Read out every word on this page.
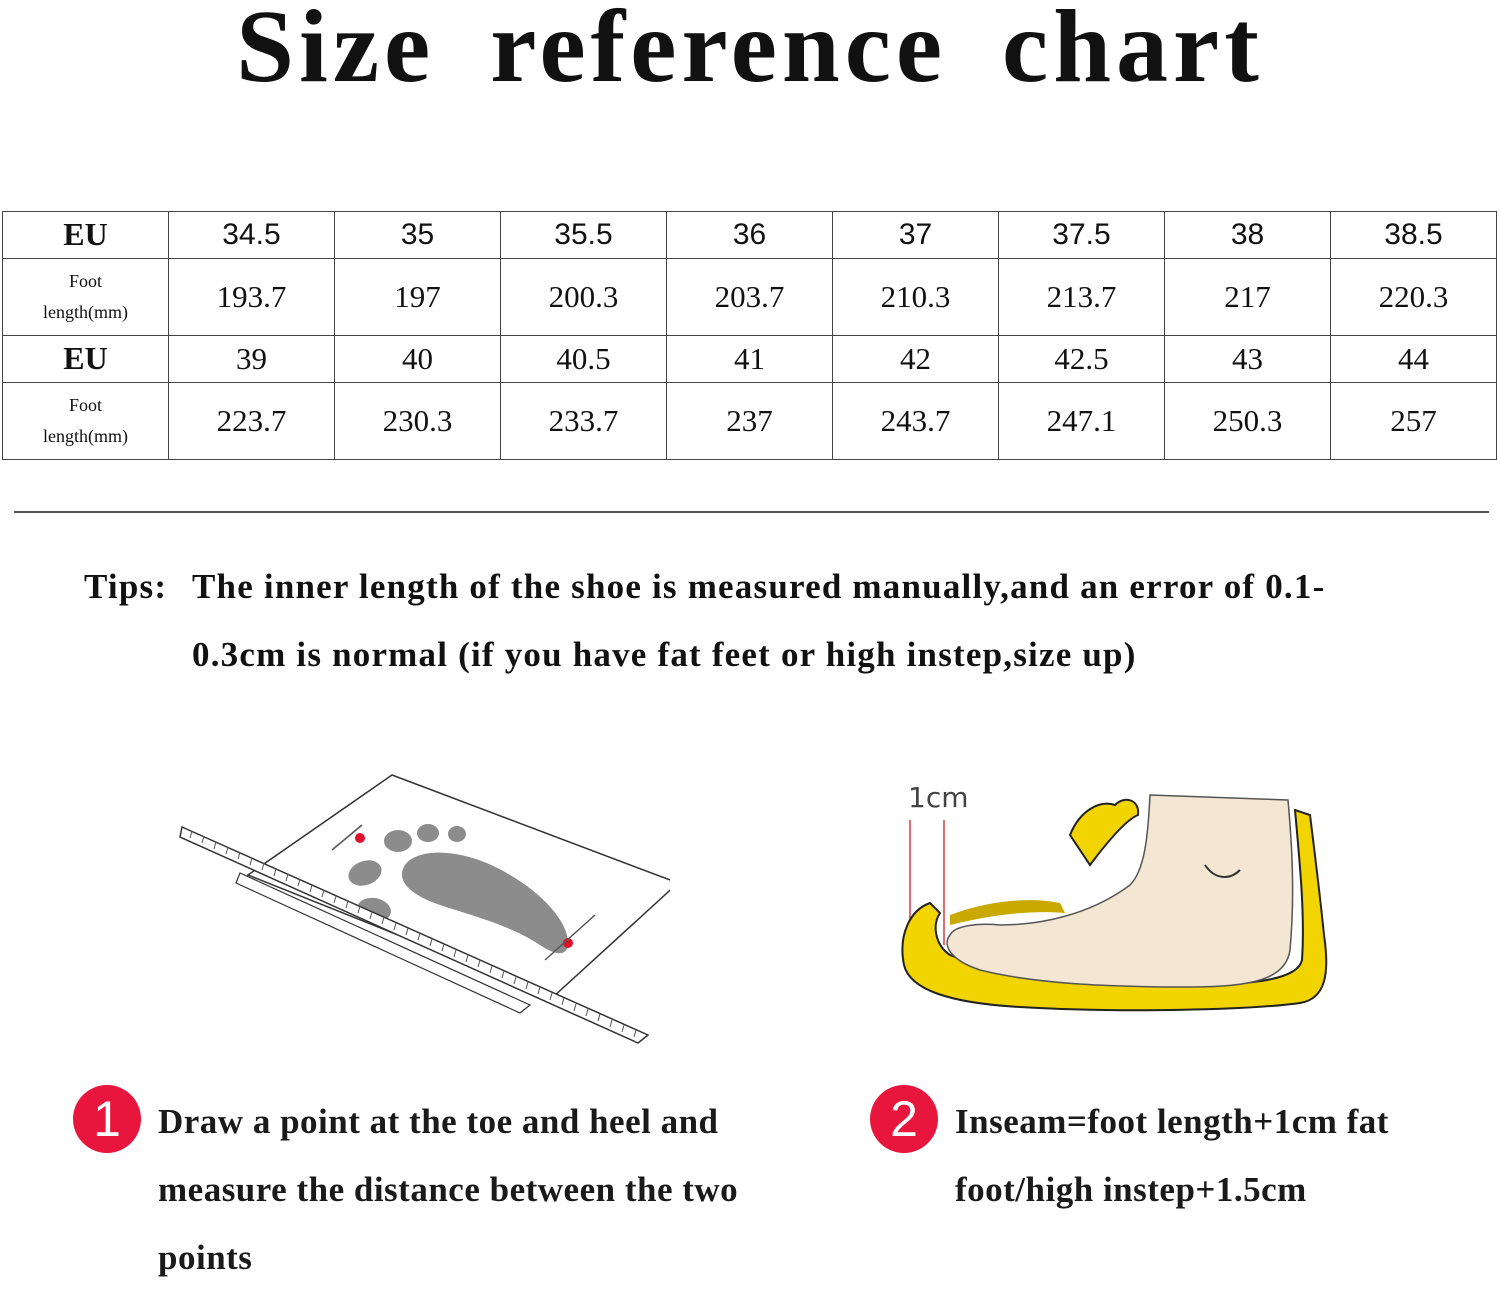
Size reference chart
EU	34.5	35	35.5	36	37	37.5	38	38.5

Foot
length(mm)	193.7	197	200.3	203.7	210.3	213.7	217	220.3
EU	39	40	40.5	41	42	42.5	43	44

Foot
length(mm)	223.7	230.3	233.7	237	243.7	247.1	250.3	257
Tips: The inner length of the shoe is measured manually,and an error of 0.1-0.3cm is normal (if you have fat feet or high instep,size up)
1cm
1	Draw a point at the toe and heel and measure the distance between the two points
2	Inseam=foot length+1cm fat foot/high instep+1.5cm
